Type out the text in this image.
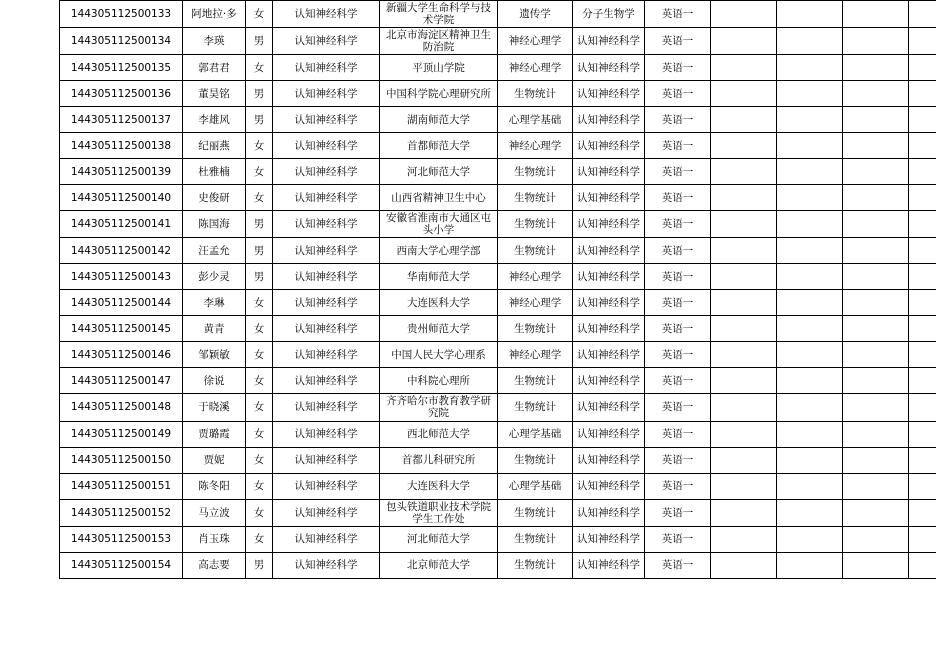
144305112500133	阿地拉·多	女	认知神经科学	新疆大学生命科学与技术学院	遗传学	分子生物学	英语一				

144305112500134	李瑛	男	认知神经科学	北京市海淀区精神卫生防治院	神经心理学	认知神经科学	英语一				

144305112500135	郭君君	女	认知神经科学	平顶山学院	神经心理学	认知神经科学	英语一				

144305112500136	董昊铭	男	认知神经科学	中国科学院心理研究所	生物统计	认知神经科学	英语一				

144305112500137	李雄风	男	认知神经科学	湖南师范大学	心理学基础	认知神经科学	英语一				

144305112500138	纪丽燕	女	认知神经科学	首都师范大学	神经心理学	认知神经科学	英语一				

144305112500139	杜雅楠	女	认知神经科学	河北师范大学	生物统计	认知神经科学	英语一				

144305112500140	史俊研	女	认知神经科学	山西省精神卫生中心	生物统计	认知神经科学	英语一				

144305112500141	陈国海	男	认知神经科学	安徽省淮南市大通区屯头小学	生物统计	认知神经科学	英语一				

144305112500142	汪孟允	男	认知神经科学	西南大学心理学部	生物统计	认知神经科学	英语一				

144305112500143	彭少灵	男	认知神经科学	华南师范大学	神经心理学	认知神经科学	英语一				

144305112500144	李琳	女	认知神经科学	大连医科大学	神经心理学	认知神经科学	英语一				

144305112500145	黄青	女	认知神经科学	贵州师范大学	生物统计	认知神经科学	英语一				

144305112500146	邹颖敏	女	认知神经科学	中国人民大学心理系	神经心理学	认知神经科学	英语一				

144305112500147	徐说	女	认知神经科学	中科院心理所	生物统计	认知神经科学	英语一				

144305112500148	于晓溪	女	认知神经科学	齐齐哈尔市教育教学研究院	生物统计	认知神经科学	英语一				

144305112500149	贾璐霞	女	认知神经科学	西北师范大学	心理学基础	认知神经科学	英语一				

144305112500150	贾妮	女	认知神经科学	首都儿科研究所	生物统计	认知神经科学	英语一				

144305112500151	陈冬阳	女	认知神经科学	大连医科大学	心理学基础	认知神经科学	英语一				

144305112500152	马立波	女	认知神经科学	包头铁道职业技术学院学生工作处	生物统计	认知神经科学	英语一				

144305112500153	肖玉珠	女	认知神经科学	河北师范大学	生物统计	认知神经科学	英语一				

144305112500154	高志要	男	认知神经科学	北京师范大学	生物统计	认知神经科学	英语一				
